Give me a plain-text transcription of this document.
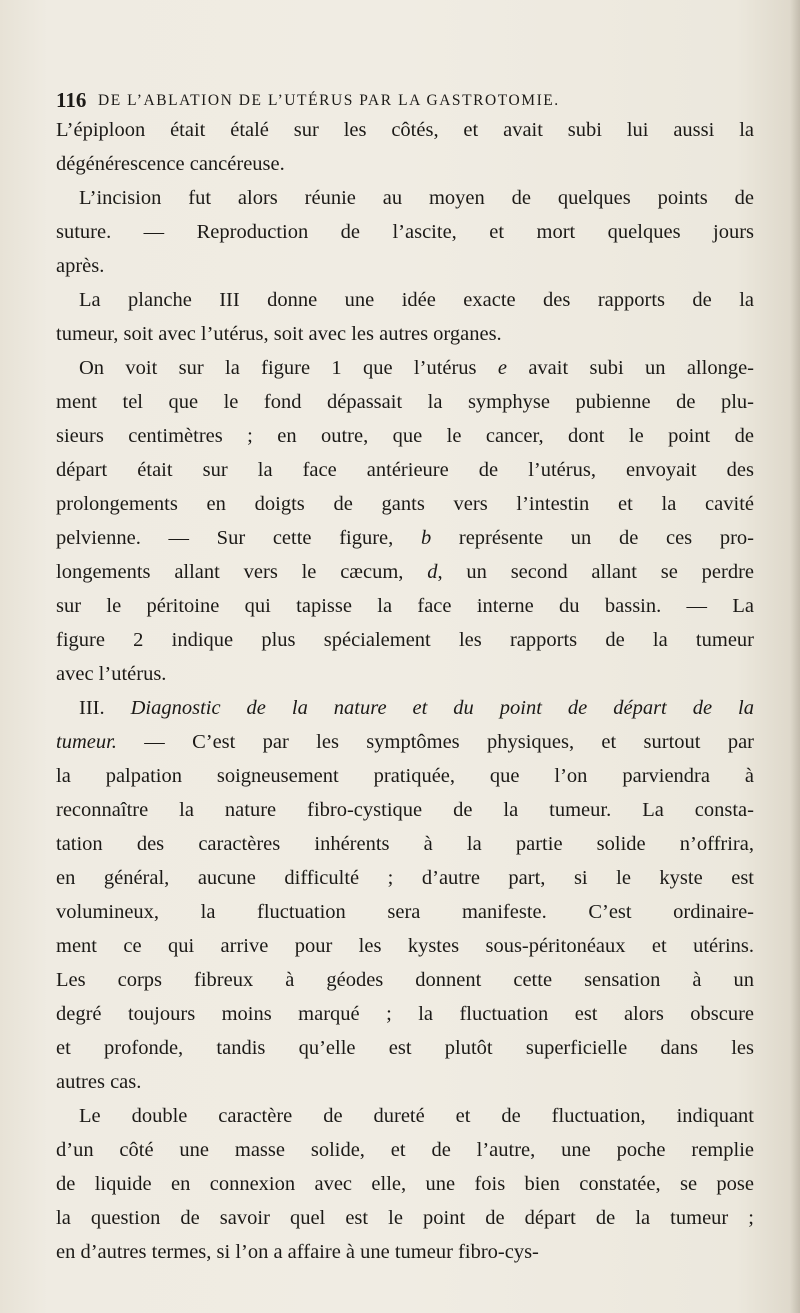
116 DE L’ABLATION DE L’UTÉRUS PAR LA GASTROTOMIE.
L’épiploon était étalé sur les côtés, et avait subi lui aussi la
dégénérescence cancéreuse.
L’incision fut alors réunie au moyen de quelques points de
suture. — Reproduction de l’ascite, et mort quelques jours
après.
La planche III donne une idée exacte des rapports de la
tumeur, soit avec l’utérus, soit avec les autres organes.
On voit sur la figure 1 que l’utérus e avait subi un allonge-
ment tel que le fond dépassait la symphyse pubienne de plu-
sieurs centimètres ; en outre, que le cancer, dont le point de
départ était sur la face antérieure de l’utérus, envoyait des
prolongements en doigts de gants vers l’intestin et la cavité
pelvienne. — Sur cette figure, b représente un de ces pro-
longements allant vers le cæcum, d, un second allant se perdre
sur le péritoine qui tapisse la face interne du bassin. — La
figure 2 indique plus spécialement les rapports de la tumeur
avec l’utérus.
III. Diagnostic de la nature et du point de départ de la
tumeur. — C’est par les symptômes physiques, et surtout par
la palpation soigneusement pratiquée, que l’on parviendra à
reconnaître la nature fibro-cystique de la tumeur. La consta-
tation des caractères inhérents à la partie solide n’offrira,
en général, aucune difficulté ; d’autre part, si le kyste est
volumineux, la fluctuation sera manifeste. C’est ordinaire-
ment ce qui arrive pour les kystes sous-péritonéaux et utérins.
Les corps fibreux à géodes donnent cette sensation à un
degré toujours moins marqué ; la fluctuation est alors obscure
et profonde, tandis qu’elle est plutôt superficielle dans les
autres cas.
Le double caractère de dureté et de fluctuation, indiquant
d’un côté une masse solide, et de l’autre, une poche remplie
de liquide en connexion avec elle, une fois bien constatée, se pose
la question de savoir quel est le point de départ de la tumeur ;
en d’autres termes, si l’on a affaire à une tumeur fibro-cys-
